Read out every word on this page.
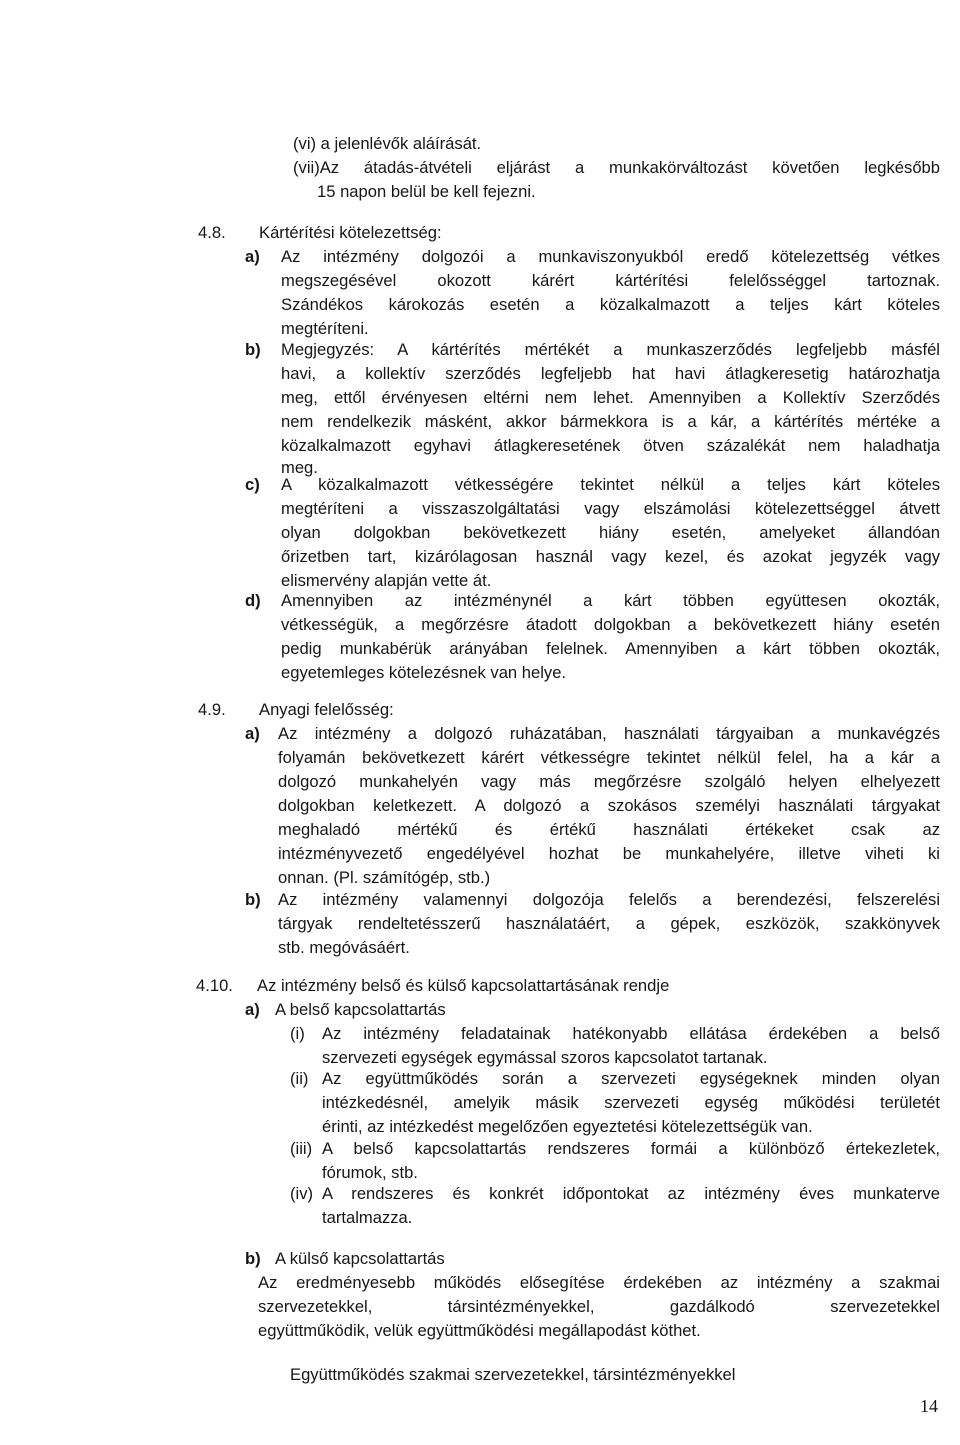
(vi) a jelenlévők aláírását.
(vii)Az átadás-átvételi eljárást a munkakörváltozást követően legkésőbb
15 napon belül be kell fejezni.
4.8. Kártérítési kötelezettség:
a) Az intézmény dolgozói a munkaviszonyukból eredő kötelezettség vétkes
megszegésével okozott kárért kártérítési felelősséggel tartoznak.
Szándékos károkozás esetén a közalkalmazott a teljes kárt köteles
megtéríteni.
b) Megjegyzés: A kártérítés mértékét a munkaszerződés legfeljebb másfél
havi, a kollektív szerződés legfeljebb hat havi átlagkeresetig határozhatja
meg, ettől érvényesen eltérni nem lehet. Amennyiben a Kollektív Szerződés
nem rendelkezik másként, akkor bármekkora is a kár, a kártérítés mértéke a
közalkalmazott egyhavi átlagkeresetének ötven százalékát nem haladhatja
meg.
c) A közalkalmazott vétkességére tekintet nélkül a teljes kárt köteles
megtéríteni a visszaszolgáltatási vagy elszámolási kötelezettséggel átvett
olyan dolgokban bekövetkezett hiány esetén, amelyeket állandóan
őrizetben tart, kizárólagosan használ vagy kezel, és azokat jegyzék vagy
elismervény alapján vette át.
d) Amennyiben az intézménynél a kárt többen együttesen okozták,
vétkességük, a megőrzésre átadott dolgokban a bekövetkezett hiány esetén
pedig munkabérük arányában felelnek. Amennyiben a kárt többen okozták,
egyetemleges kötelezésnek van helye.
4.9. Anyagi felelősség:
a) Az intézmény a dolgozó ruházatában, használati tárgyaiban a munkavégzés
folyamán bekövetkezett kárért vétkességre tekintet nélkül felel, ha a kár a
dolgozó munkahelyén vagy más megőrzésre szolgáló helyen elhelyezett
dolgokban keletkezett. A dolgozó a szokásos személyi használati tárgyakat
meghaladó mértékű és értékű használati értékeket csak az
intézményvezető engedélyével hozhat be munkahelyére, illetve viheti ki
onnan. (Pl. számítógép, stb.)
b) Az intézmény valamennyi dolgozója felelős a berendezési, felszerelési
tárgyak rendeltetésszerű használatáért, a gépek, eszközök, szakkönyvek
stb. megóvásáért.
4.10. Az intézmény belső és külső kapcsolattartásának rendje
a) A belső kapcsolattartás
(i) Az intézmény feladatainak hatékonyabb ellátása érdekében a belső
szervezeti egységek egymással szoros kapcsolatot tartanak.
(ii) Az együttműködés során a szervezeti egységeknek minden olyan
intézkedésnél, amelyik másik szervezeti egység működési területét
érinti, az intézkedést megelőzően egyeztetési kötelezettségük van.
(iii) A belső kapcsolattartás rendszeres formái a különböző értekezletek,
fórumok, stb.
(iv) A rendszeres és konkrét időpontokat az intézmény éves munkaterve
tartalmazza.
b) A külső kapcsolattartás
Az eredményesebb működés elősegítése érdekében az intézmény a szakmai
szervezetekkel, társintézményekkel, gazdálkodó szervezetekkel
együttműködik, velük együttműködési megállapodást köthet.
Együttműködés szakmai szervezetekkel, társintézményekkel
14
